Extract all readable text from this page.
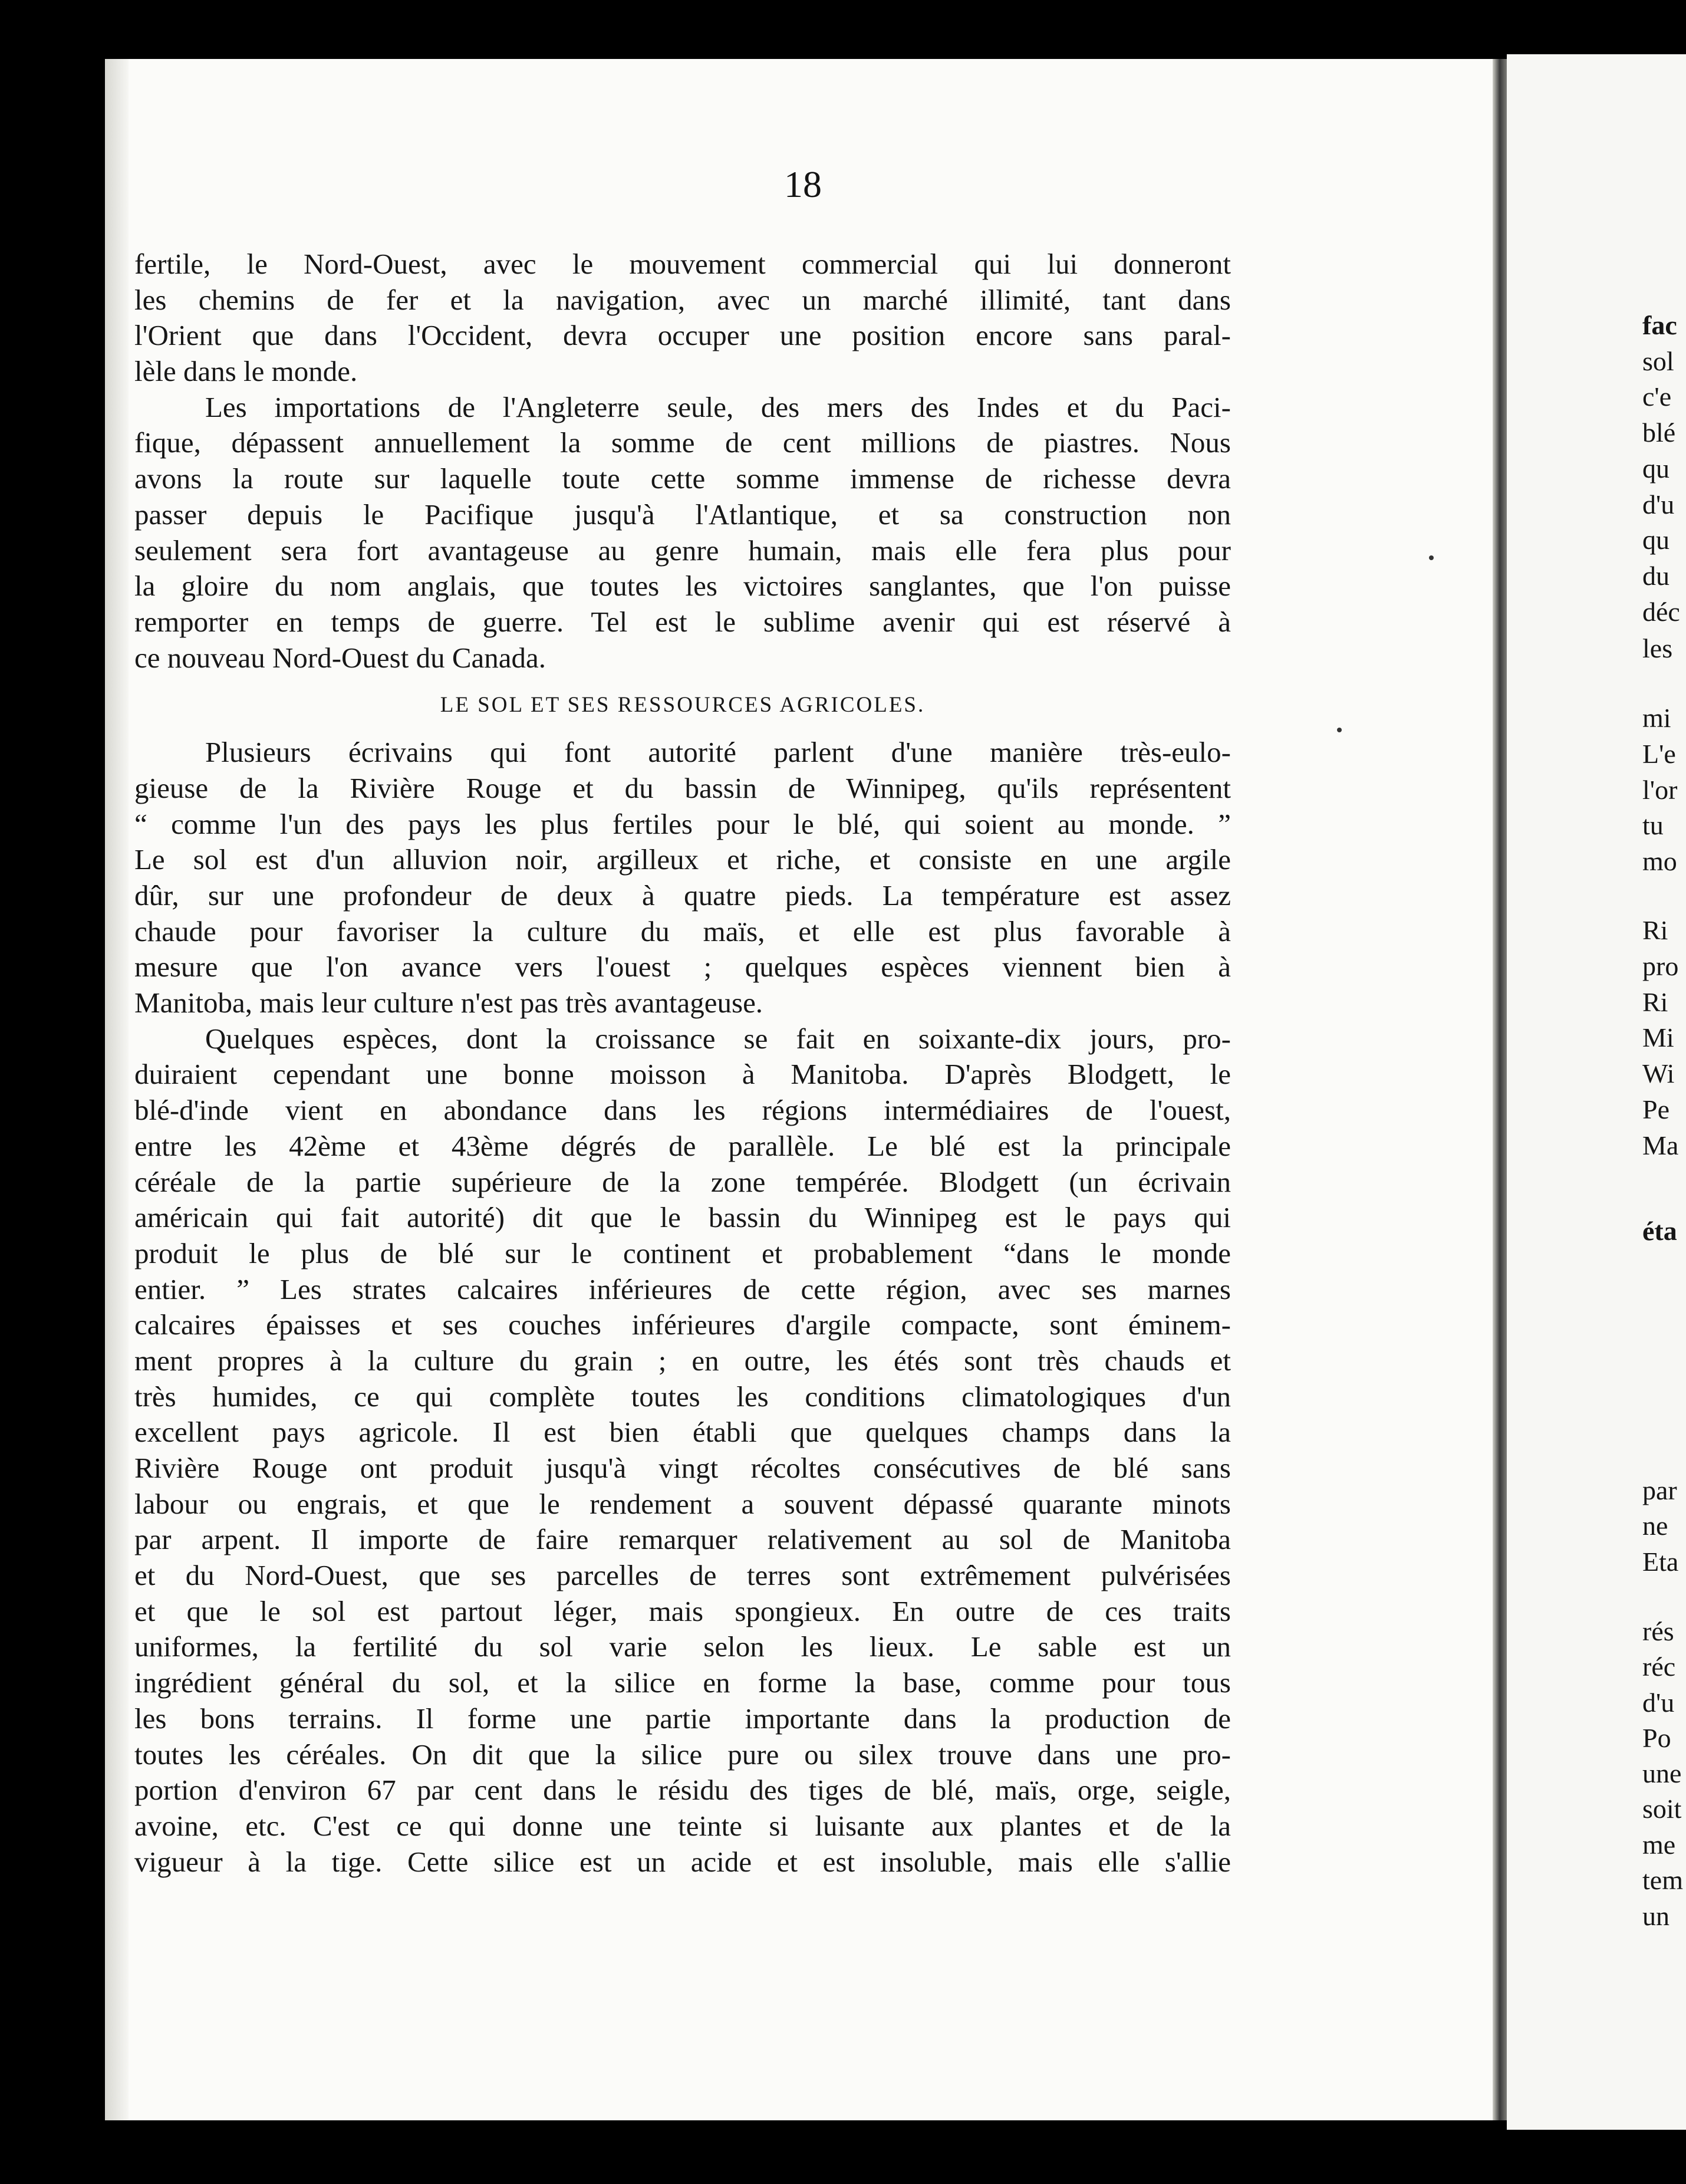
18
fertile, le Nord-Ouest, avec le mouvement commercial qui lui donneront
les chemins de fer et la navigation, avec un marché illimité, tant dans
l'Orient que dans l'Occident, devra occuper une position encore sans paral-
lèle dans le monde.
Les importations de l'Angleterre seule, des mers des Indes et du Paci-
fique, dépassent annuellement la somme de cent millions de piastres. Nous
avons la route sur laquelle toute cette somme immense de richesse devra
passer depuis le Pacifique jusqu'à l'Atlantique, et sa construction non
seulement sera fort avantageuse au genre humain, mais elle fera plus pour
la gloire du nom anglais, que toutes les victoires sanglantes, que l'on puisse
remporter en temps de guerre. Tel est le sublime avenir qui est réservé à
ce nouveau Nord-Ouest du Canada.
LE SOL ET SES RESSOURCES AGRICOLES.
Plusieurs écrivains qui font autorité parlent d'une manière très-eulo-
gieuse de la Rivière Rouge et du bassin de Winnipeg, qu'ils représentent
“ comme l'un des pays les plus fertiles pour le blé, qui soient au monde. ”
Le sol est d'un alluvion noir, argilleux et riche, et consiste en une argile
dûr, sur une profondeur de deux à quatre pieds. La température est assez
chaude pour favoriser la culture du maïs, et elle est plus favorable à
mesure que l'on avance vers l'ouest ; quelques espèces viennent bien à
Manitoba, mais leur culture n'est pas très avantageuse.
Quelques espèces, dont la croissance se fait en soixante-dix jours, pro-
duiraient cependant une bonne moisson à Manitoba. D'après Blodgett, le
blé-d'inde vient en abondance dans les régions intermédiaires de l'ouest,
entre les 42ème et 43ème dégrés de parallèle. Le blé est la principale
céréale de la partie supérieure de la zone tempérée. Blodgett (un écrivain
américain qui fait autorité) dit que le bassin du Winnipeg est le pays qui
produit le plus de blé sur le continent et probablement “dans le monde
entier. ” Les strates calcaires inférieures de cette région, avec ses marnes
calcaires épaisses et ses couches inférieures d'argile compacte, sont éminem-
ment propres à la culture du grain ; en outre, les étés sont très chauds et
très humides, ce qui complète toutes les conditions climatologiques d'un
excellent pays agricole. Il est bien établi que quelques champs dans la
Rivière Rouge ont produit jusqu'à vingt récoltes consécutives de blé sans
labour ou engrais, et que le rendement a souvent dépassé quarante minots
par arpent. Il importe de faire remarquer relativement au sol de Manitoba
et du Nord-Ouest, que ses parcelles de terres sont extrêmement pulvérisées
et que le sol est partout léger, mais spongieux. En outre de ces traits
uniformes, la fertilité du sol varie selon les lieux. Le sable est un
ingrédient général du sol, et la silice en forme la base, comme pour tous
les bons terrains. Il forme une partie importante dans la production de
toutes les céréales. On dit que la silice pure ou silex trouve dans une pro-
portion d'environ 67 par cent dans le résidu des tiges de blé, maïs, orge, seigle,
avoine, etc. C'est ce qui donne une teinte si luisante aux plantes et de la
vigueur à la tige. Cette silice est un acide et est insoluble, mais elle s'allie
fac
sol
c'e
blé
qu
d'u
qu
du
déc
les
mi
L'e
l'or
tu
mo
Ri
pro
Ri
Mi
Wi
Pe
Ma
éta
par
ne
Eta
rés
réc
d'u
Po
une
soit
me
tem
un
